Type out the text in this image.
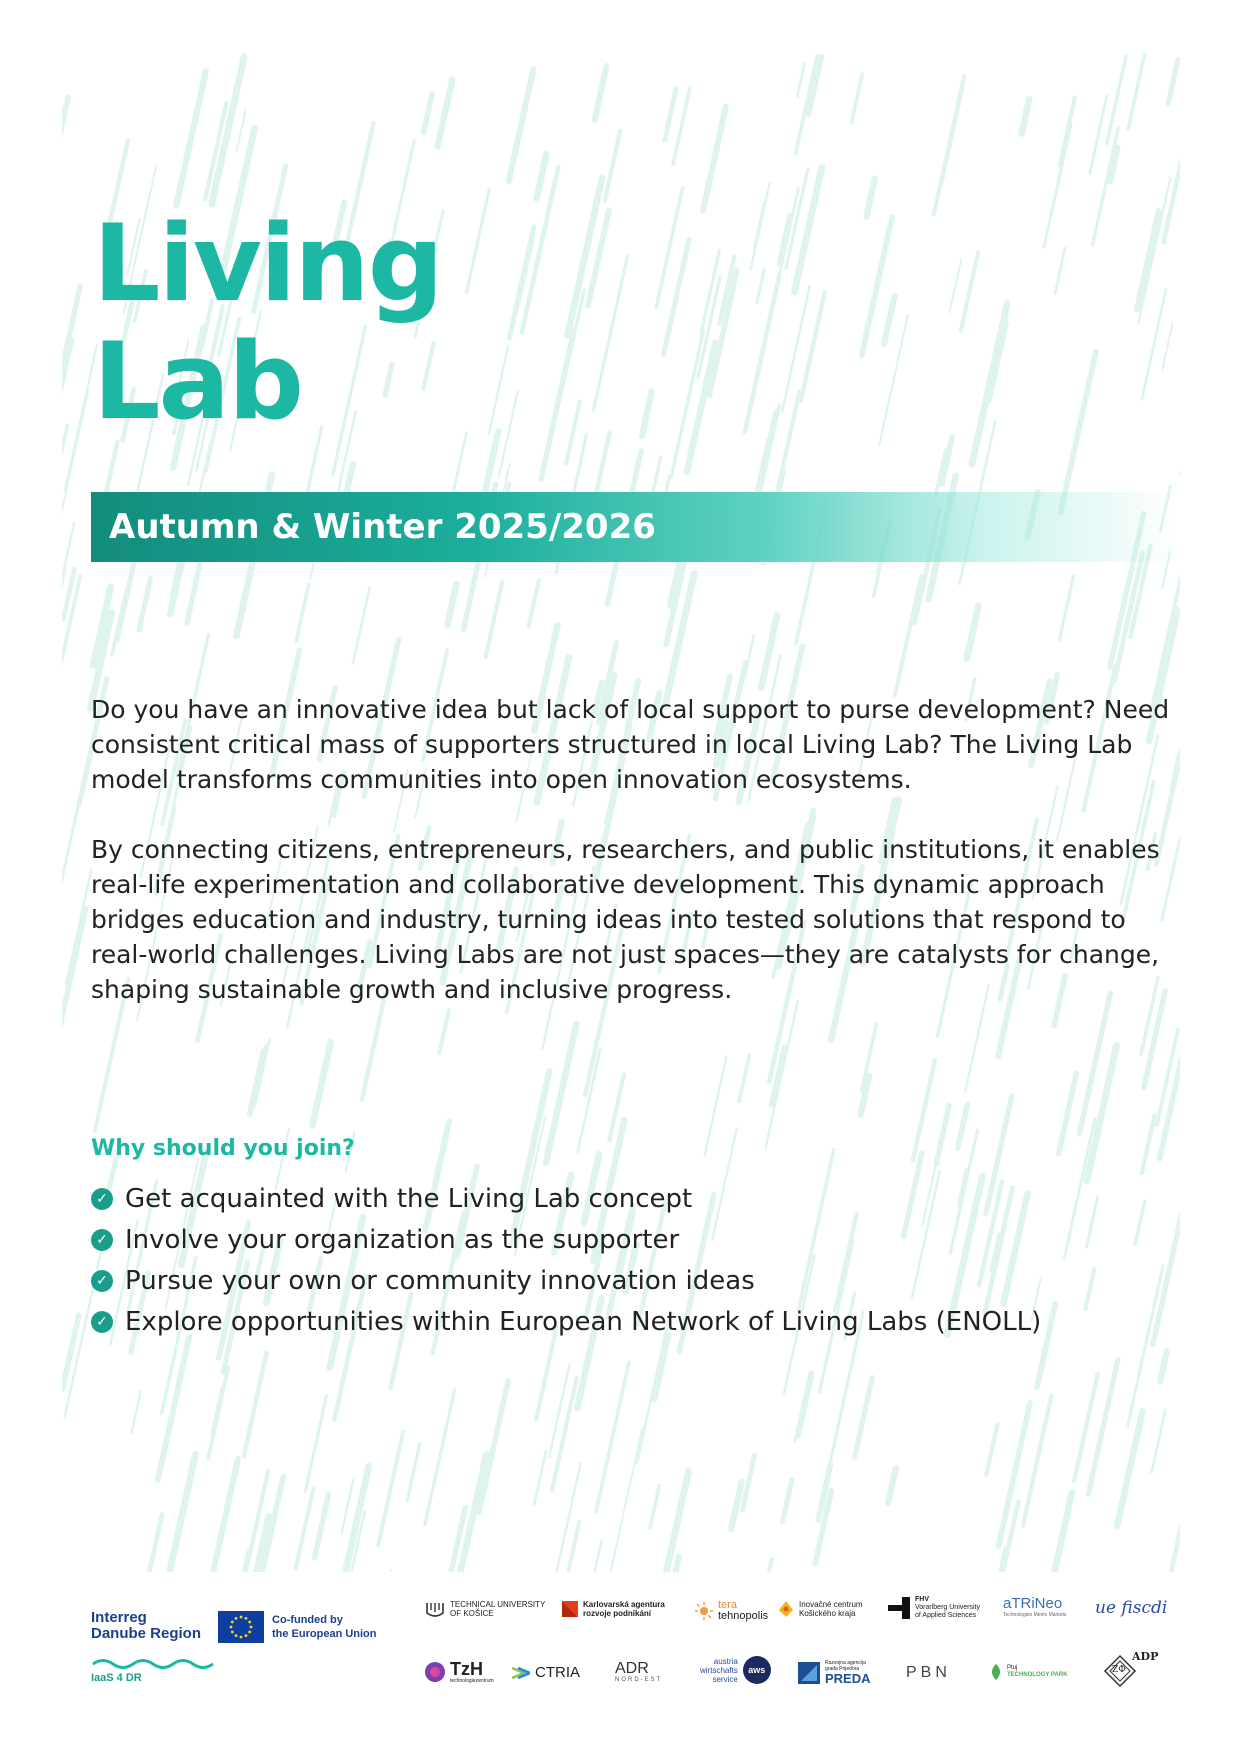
Living
Lab
Autumn & Winter 2025/2026

Do you have an innovative idea but lack of local support to purse development? Need consistent critical mass of supporters structured in local Living Lab? The Living Lab model transforms communities into open innovation ecosystems.

By connecting citizens, entrepreneurs, researchers, and public institutions, it enables real-life experimentation and collaborative development. This dynamic approach bridges education and industry, turning ideas into tested solutions that respond to real-world challenges. Living Labs are not just spaces—they are catalysts for change, shaping sustainable growth and inclusive progress.

Why should you join?
✓ Get acquainted with the Living Lab concept
✓ Involve your organization as the supporter
✓ Pursue your own or community innovation ideas
✓ Explore opportunities within European Network of Living Labs (ENOLL)
Interreg
Danube Region
Co-funded by
the European Union
IaaS 4 DR
TECHNICAL UNIVERSITY
OF KOŠICE
Karlovarská agentura
rozvoje podnikání
tera
tehnopolis
Inovačné centrum
Košického kraja
FHV
Vorarlberg University
of Applied Sciences
aTRiNeo
Technologies Meets Markets ue fiscdi
TzH
technologiezentrum	CTRIA ADR
NORD-EST
austria
wirtschafts
service
aws
Razvojna agencija
grada Prijedora
PREDA PBN	Ptuj
TECHNOLOGY PARK
ADP
ZФ
